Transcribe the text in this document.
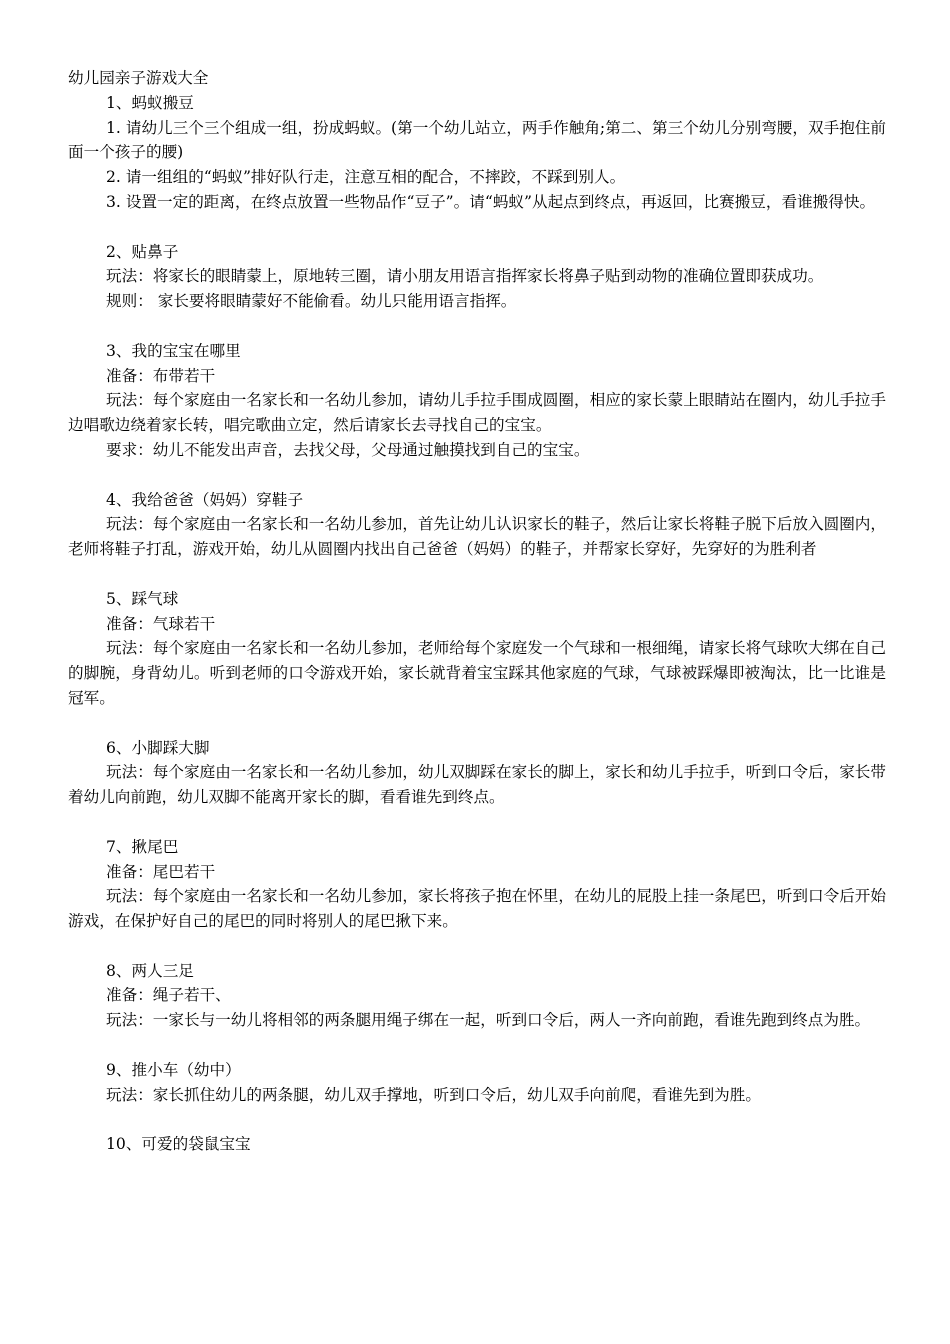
幼儿园亲子游戏大全
1、蚂蚁搬豆
1. 请幼儿三个三个组成一组，扮成蚂蚁。(第一个幼儿站立，两手作触角;第二、第三个幼儿分别弯腰，双手抱住前面一个孩子的腰)
2. 请一组组的“蚂蚁”排好队行走，注意互相的配合，不摔跤，不踩到别人。
3. 设置一定的距离，在终点放置一些物品作“豆子”。请“蚂蚁”从起点到终点，再返回，比赛搬豆，看谁搬得快。
2、贴鼻子
玩法：将家长的眼睛蒙上，原地转三圈，请小朋友用语言指挥家长将鼻子贴到动物的准确位置即获成功。
规则： 家长要将眼睛蒙好不能偷看。幼儿只能用语言指挥。
3、我的宝宝在哪里
准备：布带若干
玩法：每个家庭由一名家长和一名幼儿参加，请幼儿手拉手围成圆圈，相应的家长蒙上眼睛站在圈内，幼儿手拉手边唱歌边绕着家长转，唱完歌曲立定，然后请家长去寻找自己的宝宝。
要求：幼儿不能发出声音，去找父母，父母通过触摸找到自己的宝宝。
4、我给爸爸（妈妈）穿鞋子
玩法：每个家庭由一名家长和一名幼儿参加，首先让幼儿认识家长的鞋子，然后让家长将鞋子脱下后放入圆圈内，老师将鞋子打乱，游戏开始，幼儿从圆圈内找出自己爸爸（妈妈）的鞋子，并帮家长穿好，先穿好的为胜利者
5、踩气球
准备：气球若干
玩法：每个家庭由一名家长和一名幼儿参加，老师给每个家庭发一个气球和一根细绳，请家长将气球吹大绑在自己的脚腕，身背幼儿。听到老师的口令游戏开始，家长就背着宝宝踩其他家庭的气球，气球被踩爆即被淘汰，比一比谁是冠军。
6、小脚踩大脚
玩法：每个家庭由一名家长和一名幼儿参加，幼儿双脚踩在家长的脚上，家长和幼儿手拉手，听到口令后，家长带着幼儿向前跑，幼儿双脚不能离开家长的脚，看看谁先到终点。
7、揪尾巴
准备：尾巴若干
玩法：每个家庭由一名家长和一名幼儿参加，家长将孩子抱在怀里，在幼儿的屁股上挂一条尾巴，听到口令后开始游戏，在保护好自己的尾巴的同时将别人的尾巴揪下来。
8、两人三足
准备：绳子若干、
玩法：一家长与一幼儿将相邻的两条腿用绳子绑在一起，听到口令后，两人一齐向前跑，看谁先跑到终点为胜。
9、推小车（幼中）
玩法：家长抓住幼儿的两条腿，幼儿双手撑地，听到口令后，幼儿双手向前爬，看谁先到为胜。
10、可爱的袋鼠宝宝
